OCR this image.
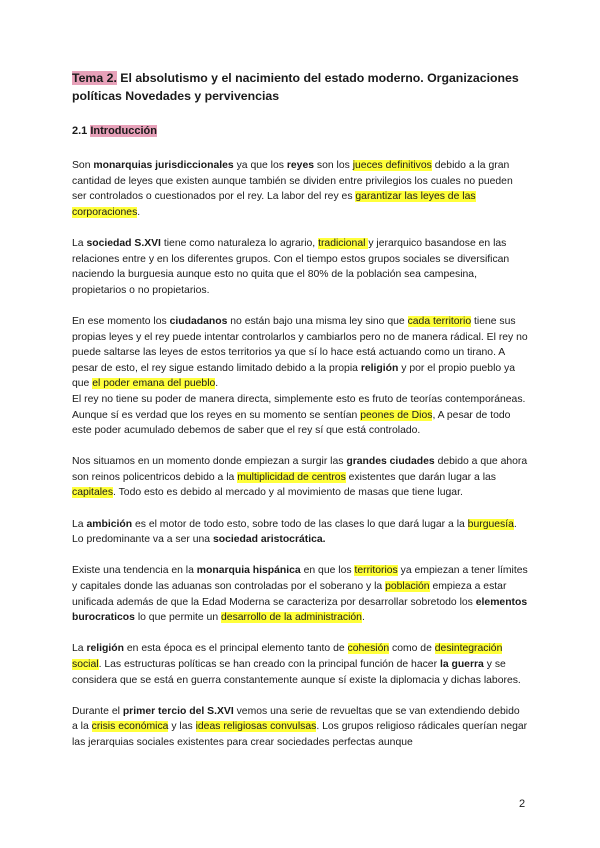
Tema 2. El absolutismo y el nacimiento del estado moderno. Organizaciones políticas Novedades y pervivencias
2.1 Introducción

Son monarquias jurisdiccionales ya que los reyes son los jueces definitivos debido a la gran cantidad de leyes que existen aunque también se dividen entre privilegios los cuales no pueden ser controlados o cuestionados por el rey. La labor del rey es garantizar las leyes de las corporaciones.

La sociedad S.XVI tiene como naturaleza lo agrario, tradicional y jerarquico basandose en las relaciones entre y en los diferentes grupos. Con el tiempo estos grupos sociales se diversifican naciendo la burguesia aunque esto no quita que el 80% de la población sea campesina, propietarios o no propietarios.

En ese momento los ciudadanos no están bajo una misma ley sino que cada territorio tiene sus propias leyes y el rey puede intentar controlarlos y cambiarlos pero no de manera rádical. El rey no puede saltarse las leyes de estos territorios ya que sí lo hace está actuando como un tirano. A pesar de esto, el rey sigue estando limitado debido a la propia religión y por el propio pueblo ya que el poder emana del pueblo.
El rey no tiene su poder de manera directa, simplemente esto es fruto de teorías contemporáneas. Aunque sí es verdad que los reyes en su momento se sentían peones de Dios, A pesar de todo este poder acumulado debemos de saber que el rey sí que está controlado.

Nos situamos en un momento donde empiezan a surgir las grandes ciudades debido a que ahora son reinos policentricos debido a la multiplicidad de centros existentes que darán lugar a las capitales. Todo esto es debido al mercado y al movimiento de masas que tiene lugar.

La ambición es el motor de todo esto, sobre todo de las clases lo que dará lugar a la burguesía. Lo predominante va a ser una sociedad aristocrática.

Existe una tendencia en la monarquia hispánica en que los territorios ya empiezan a tener límites y capitales donde las aduanas son controladas por el soberano y la población empieza a estar unificada además de que la Edad Moderna se caracteriza por desarrollar sobretodo los elementos burocraticos lo que permite un desarrollo de la administración.

La religión en esta época es el principal elemento tanto de cohesión como de desintegración social. Las estructuras políticas se han creado con la principal función de hacer la guerra y se considera que se está en guerra constantemente aunque sí existe la diplomacia y dichas labores.

Durante el primer tercio del S.XVI vemos una serie de revueltas que se van extendiendo debido a la crisis económica y las ideas religiosas convulsas. Los grupos religioso rádicales querían negar las jerarquias sociales existentes para crear sociedades perfectas aunque

2
